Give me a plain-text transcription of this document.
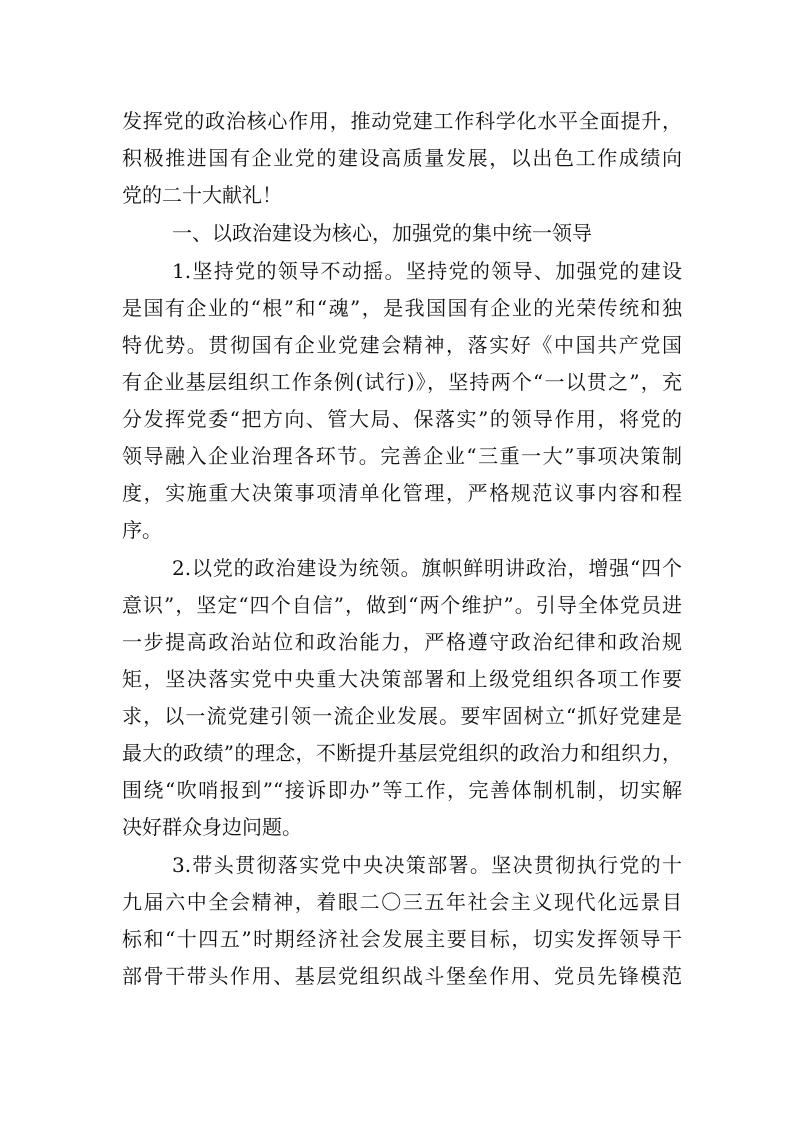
发挥党的政治核心作用，推动党建工作科学化水平全面提升，
积极推进国有企业党的建设高质量发展，以出色工作成绩向
党的二十大献礼！
一、以政治建设为核心，加强党的集中统一领导
1.坚持党的领导不动摇。坚持党的领导、加强党的建设
是国有企业的“根”和“魂”，是我国国有企业的光荣传统和独
特优势。贯彻国有企业党建会精神，落实好《中国共产党国
有企业基层组织工作条例(试行)》，坚持两个“一以贯之”，充
分发挥党委“把方向、管大局、保落实”的领导作用，将党的
领导融入企业治理各环节。完善企业“三重一大”事项决策制
度，实施重大决策事项清单化管理，严格规范议事内容和程
序。
2.以党的政治建设为统领。旗帜鲜明讲政治，增强“四个
意识”，坚定“四个自信”，做到“两个维护”。引导全体党员进
一步提高政治站位和政治能力，严格遵守政治纪律和政治规
矩，坚决落实党中央重大决策部署和上级党组织各项工作要
求，以一流党建引领一流企业发展。要牢固树立“抓好党建是
最大的政绩”的理念，不断提升基层党组织的政治力和组织力，
围绕“吹哨报到”“接诉即办”等工作，完善体制机制，切实解
决好群众身边问题。
3.带头贯彻落实党中央决策部署。坚决贯彻执行党的十
九届六中全会精神，着眼二〇三五年社会主义现代化远景目
标和“十四五”时期经济社会发展主要目标，切实发挥领导干
部骨干带头作用、基层党组织战斗堡垒作用、党员先锋模范
